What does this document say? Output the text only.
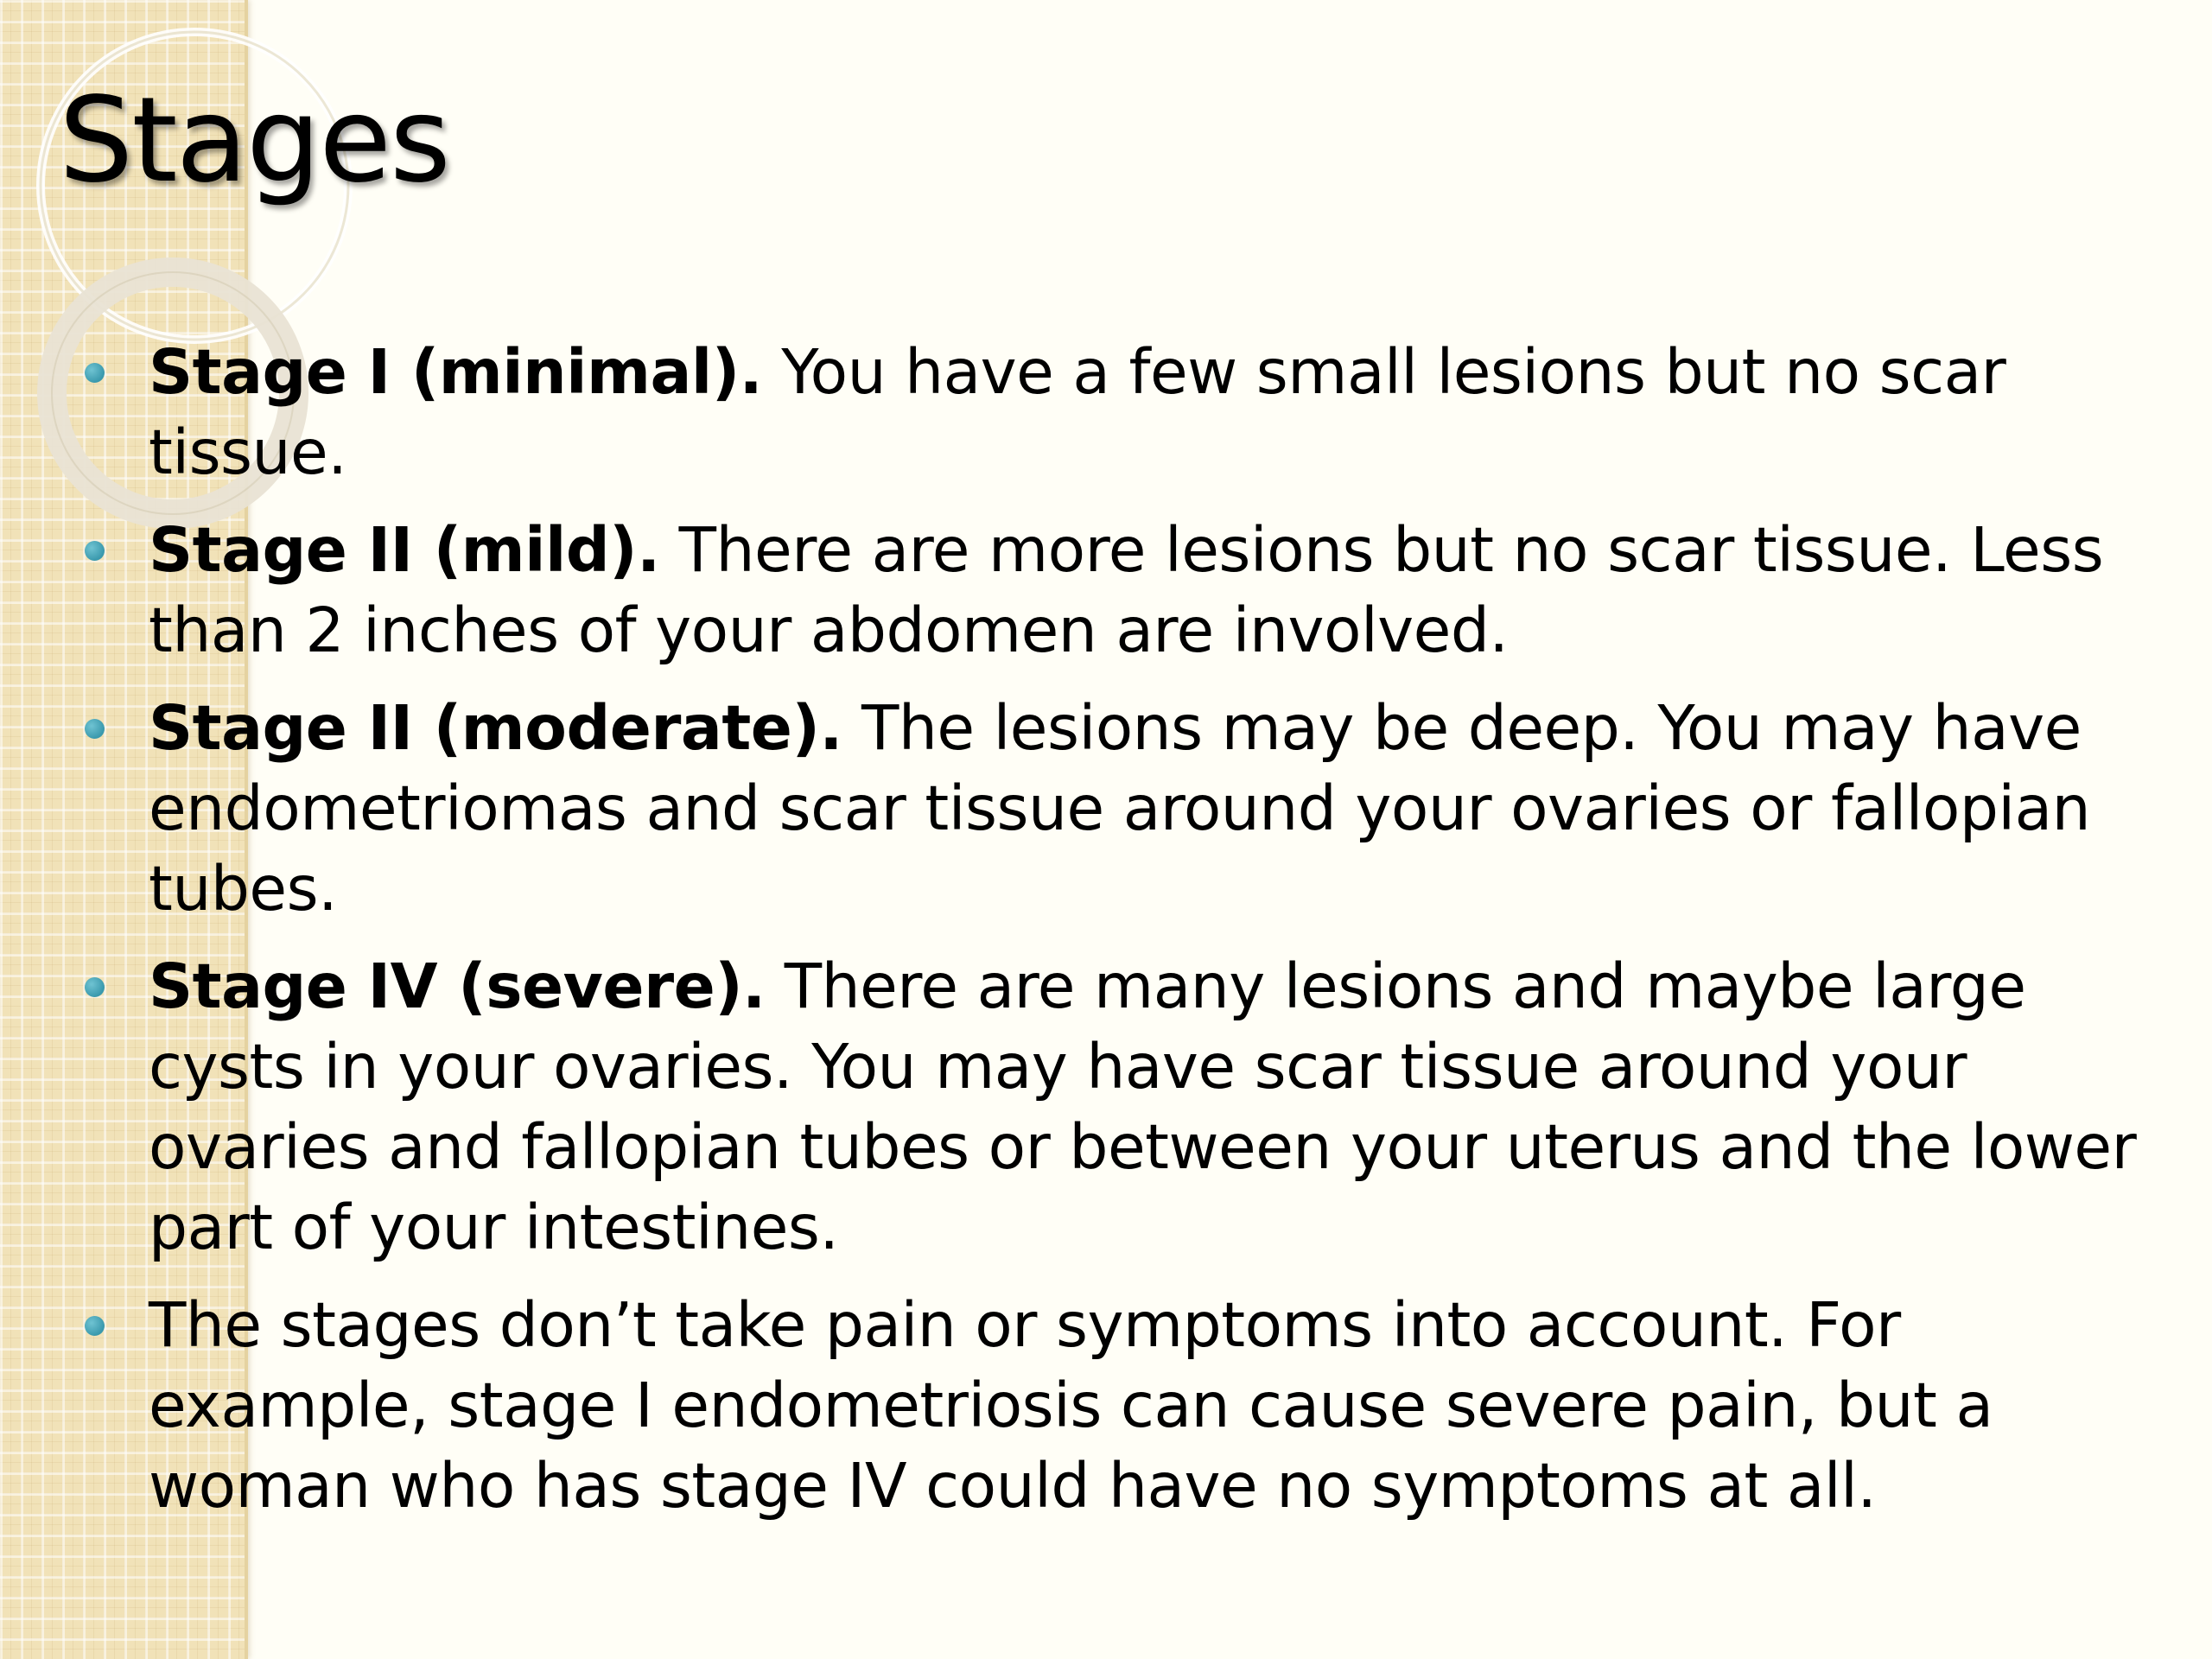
Stages
Stage I (minimal). You have a few small lesions but no scar tissue.
Stage II (mild). There are more lesions but no scar tissue. Less than 2 inches of your abdomen are involved.
Stage II (moderate). The lesions may be deep. You may have endometriomas and scar tissue around your ovaries or fallopian tubes.
Stage IV (severe). There are many lesions and maybe large cysts in your ovaries. You may have scar tissue around your ovaries and fallopian tubes or between your uterus and the lower part of your intestines.
The stages don’t take pain or symptoms into account. For example, stage I endometriosis can cause severe pain, but a woman who has stage IV could have no symptoms at all.
